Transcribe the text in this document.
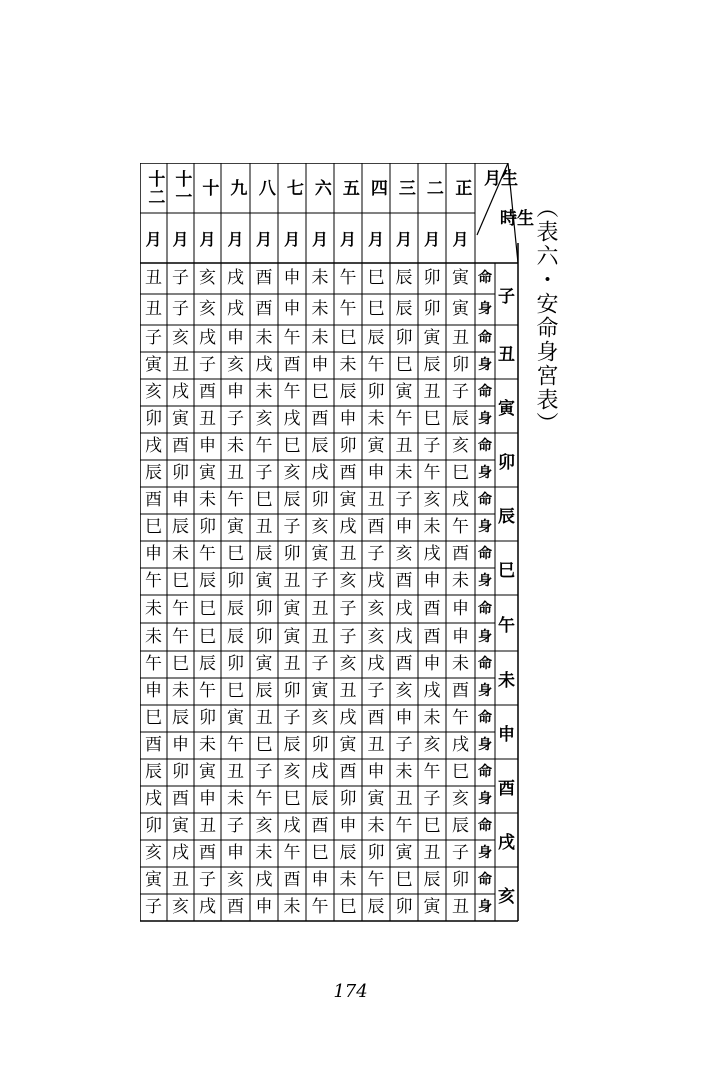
十二
月
十一
月
十
月
九
月
八
月
七
月
六
月
五
月
四
月
三
月
二
月
正
月
生月
生時
丑 子 亥 戌 酉 申 未 午 巳 辰 卯 寅 命
丑 子 亥 戌 酉 申 未 午 巳 辰 卯 寅 身
子
子 亥 戌 申 未 午 未 巳 辰 卯 寅 丑 命
寅 丑 子 亥 戌 酉 申 未 午 巳 辰 卯 身
丑
亥 戌 酉 申 未 午 巳 辰 卯 寅 丑 子 命
卯 寅 丑 子 亥 戌 酉 申 未 午 巳 辰 身
寅
戌 酉 申 未 午 巳 辰 卯 寅 丑 子 亥 命
辰 卯 寅 丑 子 亥 戌 酉 申 未 午 巳 身
卯
酉 申 未 午 巳 辰 卯 寅 丑 子 亥 戌 命
巳 辰 卯 寅 丑 子 亥 戌 酉 申 未 午 身
辰
申 未 午 巳 辰 卯 寅 丑 子 亥 戌 酉 命
午 巳 辰 卯 寅 丑 子 亥 戌 酉 申 未 身
巳
未 午 巳 辰 卯 寅 丑 子 亥 戌 酉 申 命
未 午 巳 辰 卯 寅 丑 子 亥 戌 酉 申 身
午
午 巳 辰 卯 寅 丑 子 亥 戌 酉 申 未 命
申 未 午 巳 辰 卯 寅 丑 子 亥 戌 酉 身
未
巳 辰 卯 寅 丑 子 亥 戌 酉 申 未 午 命
酉 申 未 午 巳 辰 卯 寅 丑 子 亥 戌 身
申
辰 卯 寅 丑 子 亥 戌 酉 申 未 午 巳 命
戌 酉 申 未 午 巳 辰 卯 寅 丑 子 亥 身
酉
卯 寅 丑 子 亥 戌 酉 申 未 午 巳 辰 命
亥 戌 酉 申 未 午 巳 辰 卯 寅 丑 子 身
戌
寅 丑 子 亥 戌 酉 申 未 午 巳 辰 卯 命
子 亥 戌 酉 申 未 午 巳 辰 卯 寅 丑 身
亥
（表六・安命身宮表）
174
